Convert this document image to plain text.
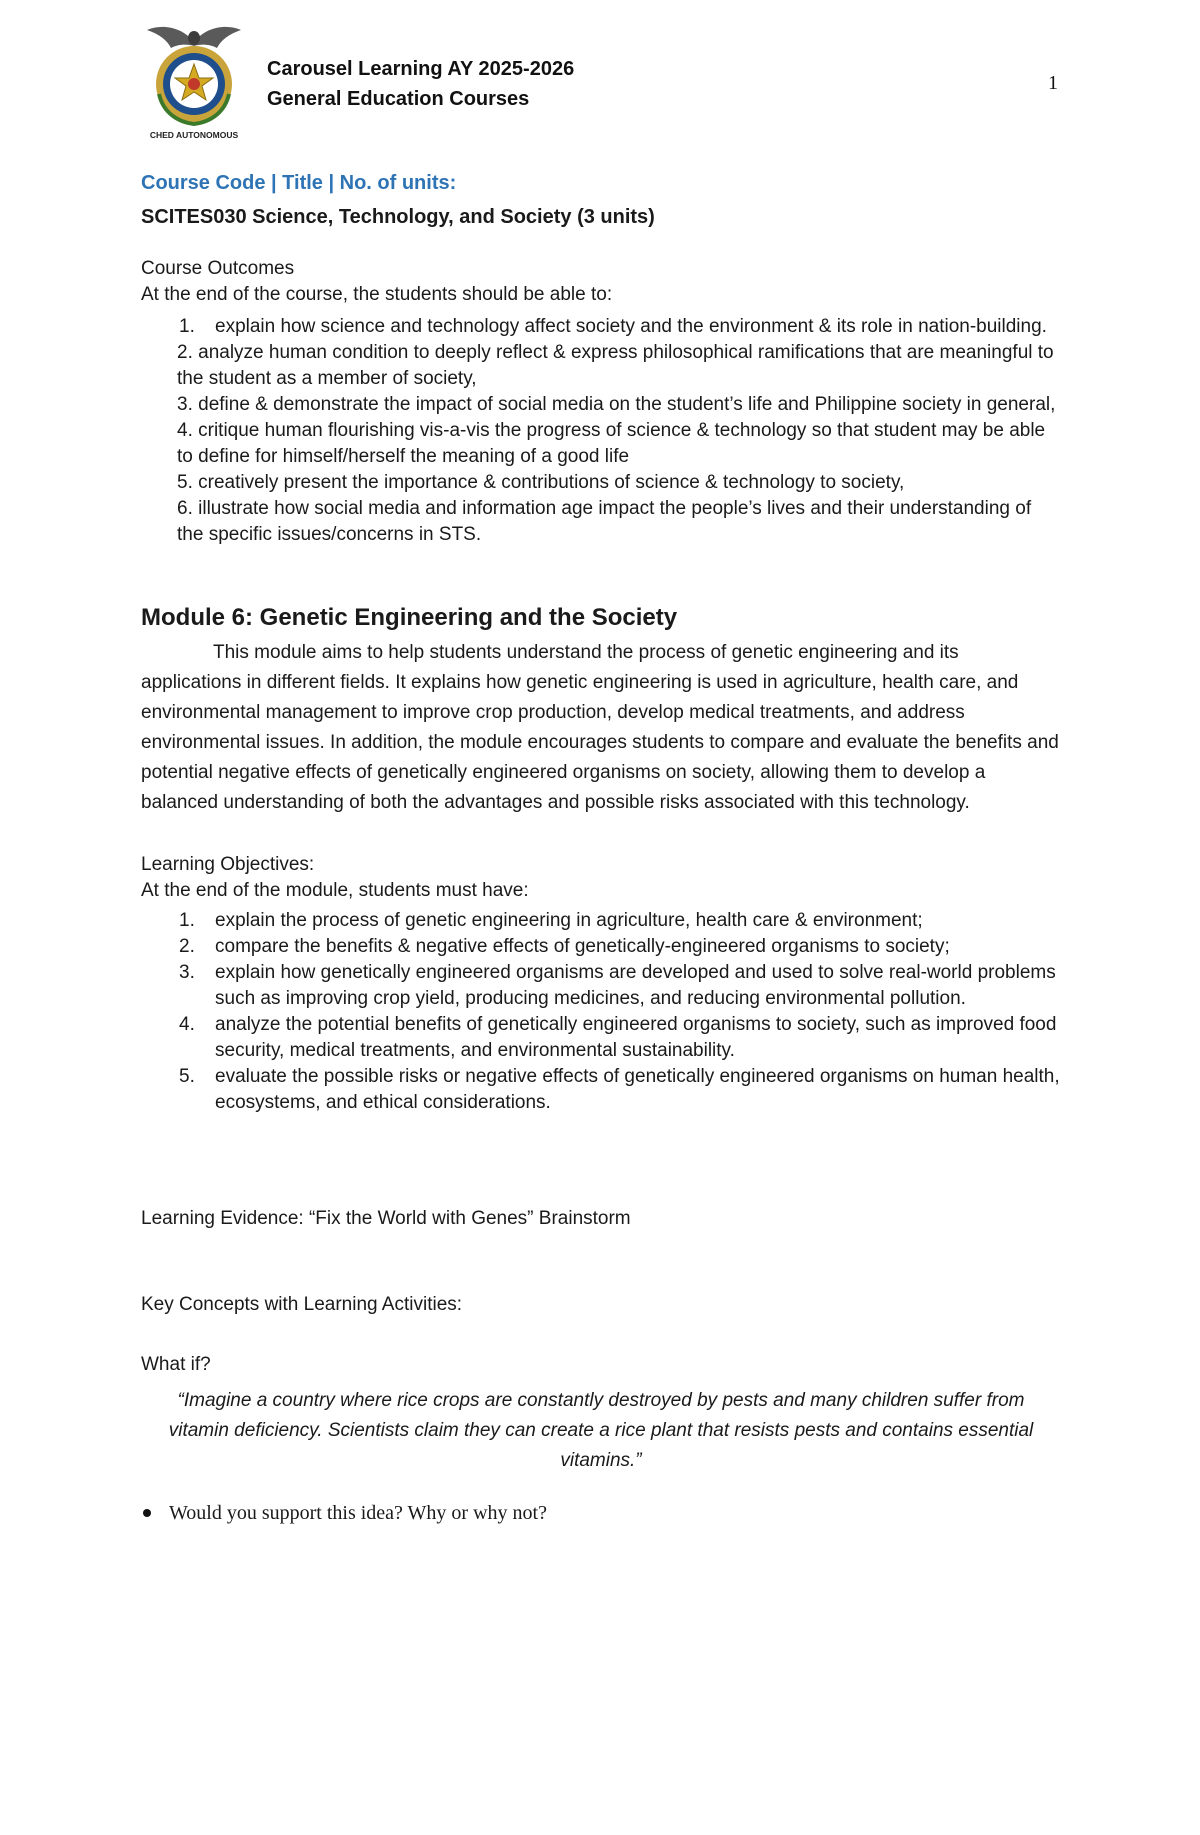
CHED AUTONOMOUS
Carousel Learning AY 2025-2026
General Education Courses
1
Course Code | Title | No. of units:
SCITES030 Science, Technology, and Society (3 units)
Course Outcomes
At the end of the course, the students should be able to:
1.	explain how science and technology affect society and the environment & its role in nation-building.
2. analyze human condition to deeply reflect & express philosophical ramifications that are meaningful to the student as a member of society,
3. define & demonstrate the impact of social media on the student’s life and Philippine society in general,
4. critique human flourishing vis-a-vis the progress of science & technology so that student may be able to define for himself/herself the meaning of a good life
5. creatively present the importance & contributions of science & technology to society,
6. illustrate how social media and information age impact the people’s lives and their understanding of the specific issues/concerns in STS.
Module 6: Genetic Engineering and the Society

This module aims to help students understand the process of genetic engineering and its applications in different fields. It explains how genetic engineering is used in agriculture, health care, and environmental management to improve crop production, develop medical treatments, and address environmental issues. In addition, the module encourages students to compare and evaluate the benefits and potential negative effects of genetically engineered organisms on society, allowing them to develop a balanced understanding of both the advantages and possible risks associated with this technology.

Learning Objectives:
At the end of the module, students must have:
1.	explain the process of genetic engineering in agriculture, health care & environment;
2.	compare the benefits & negative effects of genetically-engineered organisms to society;
3.	explain how genetically engineered organisms are developed and used to solve real-world problems such as improving crop yield, producing medicines, and reducing environmental pollution.
4.	analyze the potential benefits of genetically engineered organisms to society, such as improved food security, medical treatments, and environmental sustainability.
5.	evaluate the possible risks or negative effects of genetically engineered organisms on human health, ecosystems, and ethical considerations.
Learning Evidence: “Fix the World with Genes” Brainstorm
Key Concepts with Learning Activities:
What if?
“Imagine a country where rice crops are constantly destroyed by pests and many children suffer from vitamin deficiency. Scientists claim they can create a rice plant that resists pests and contains essential vitamins.”
Would you support this idea? Why or why not?
